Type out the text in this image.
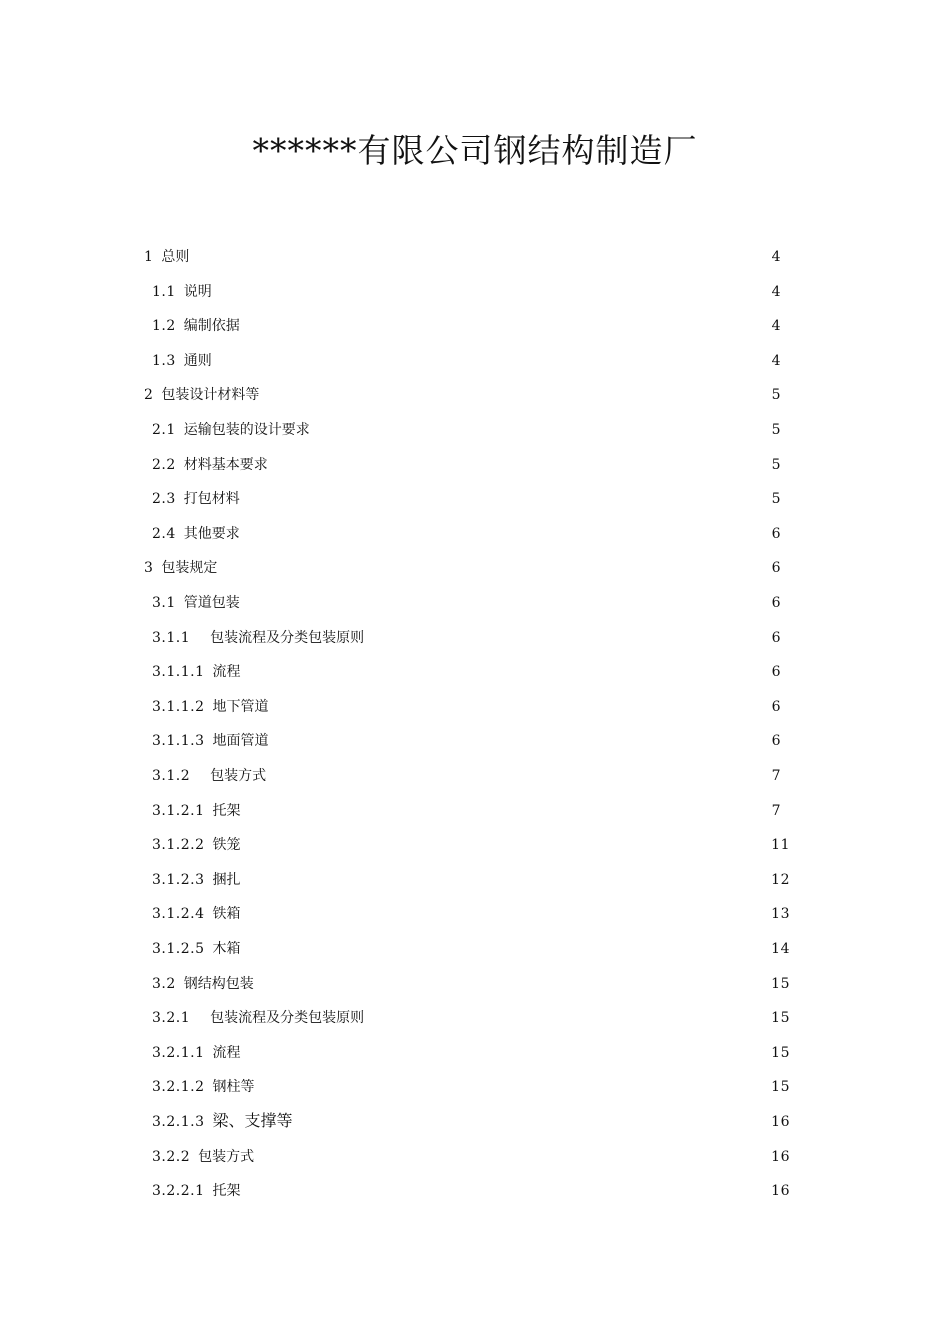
******有限公司钢结构制造厂
1 总则	4
1.1 说明	4
1.2 编制依据	4
1.3 通则	4
2 包装设计材料等	5
2.1 运输包装的设计要求	5
2.2 材料基本要求	5
2.3 打包材料	5
2.4 其他要求	6
3 包装规定	6
3.1 管道包装	6
3.1.1	包装流程及分类包装原则	6
3.1.1.1 流程	6
3.1.1.2 地下管道	6
3.1.1.3 地面管道	6
3.1.2	包装方式	7
3.1.2.1 托架	7
3.1.2.2 铁笼	11
3.1.2.3 捆扎	12
3.1.2.4 铁箱	13
3.1.2.5 木箱	14
3.2 钢结构包装	15
3.2.1	包装流程及分类包装原则	15
3.2.1.1 流程	15
3.2.1.2 钢柱等	15
3.2.1.3 梁、支撑等	16
3.2.2 包装方式	16
3.2.2.1 托架	16
